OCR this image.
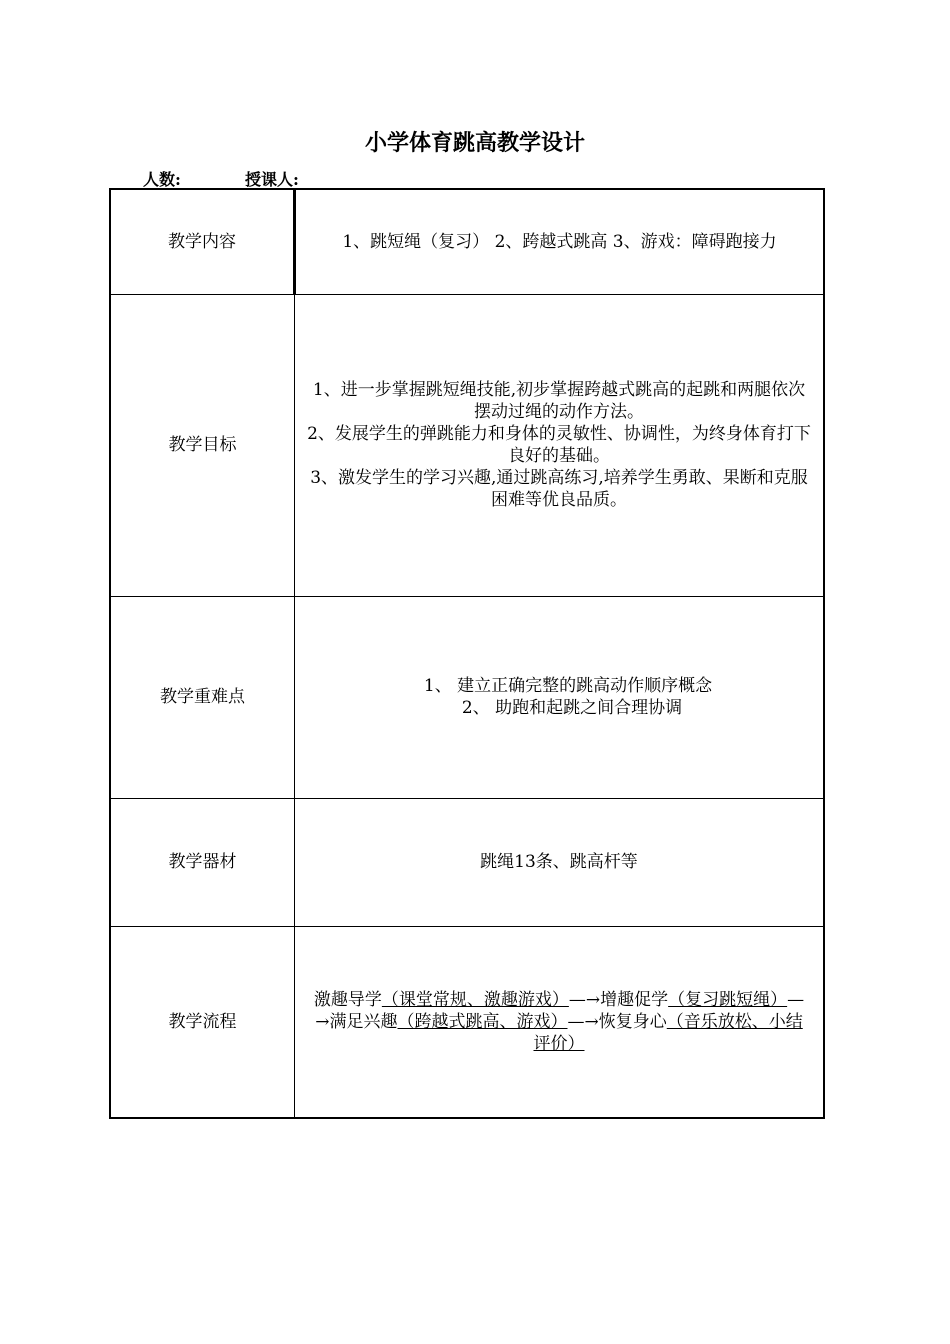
小学体育跳高教学设计
人数:	授课人:
教学内容	1、跳短绳（复习） 2、跨越式跳高 3、游戏：障碍跑接力
教学目标	1、进一步掌握跳短绳技能,初步掌握跨越式跳高的起跳和两腿依次摆动过绳的动作方法。
2、发展学生的弹跳能力和身体的灵敏性、协调性，为终身体育打下良好的基础。
3、激发学生的学习兴趣,通过跳高练习,培养学生勇敢、果断和克服困难等优良品质。

教学重难点	1、 建立正确完整的跳高动作顺序概念
2、 助跑和起跳之间合理协调

教学器材	跳绳13条、跳高杆等
教学流程	激趣导学（课堂常规、激趣游戏）—→增趣促学（复习跳短绳）—→满足兴趣（跨越式跳高、游戏）—→恢复身心（音乐放松、小结评价）
